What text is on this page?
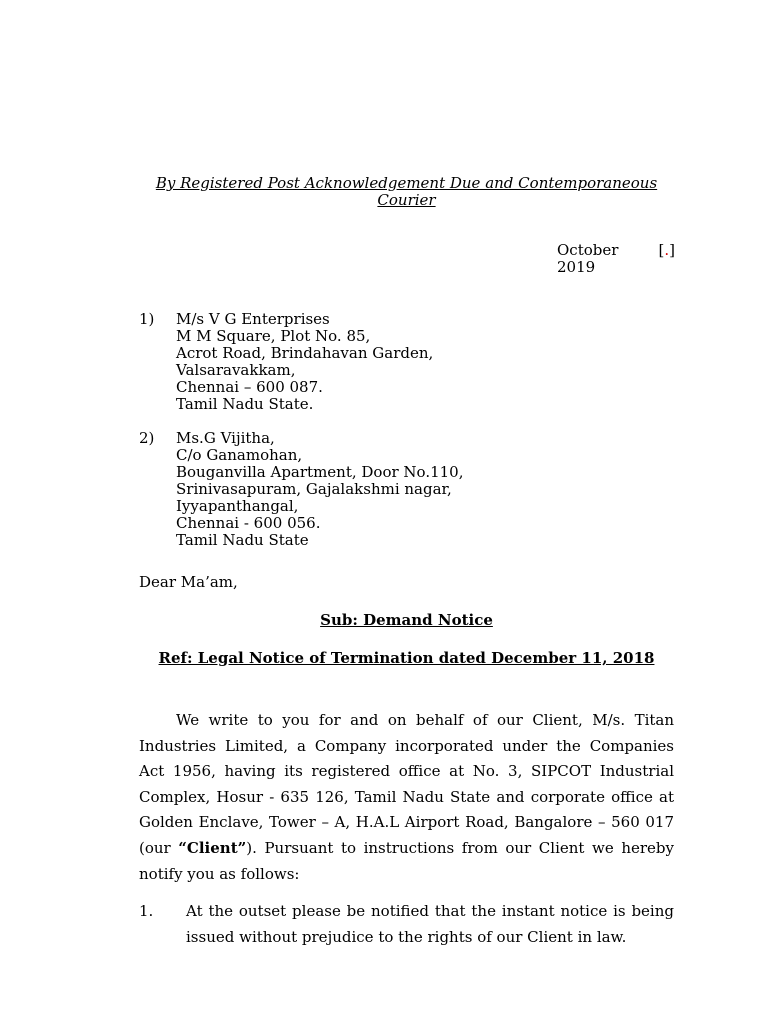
By Registered Post Acknowledgement Due and Contemporaneous Courier
October	[.]
2019
1) M/s V G Enterprises
M M Square, Plot No. 85,
Acrot Road, Brindahavan Garden,
Valsaravakkam,
Chennai – 600 087.
Tamil Nadu State.
2) Ms.G Vijitha,
C/o Ganamohan,
Bouganvilla Apartment, Door No.110,
Srinivasapuram, Gajalakshmi nagar,
Iyyapanthangal,
Chennai - 600 056.
Tamil Nadu State
Dear Ma’am,
Sub: Demand Notice
Ref: Legal Notice of Termination dated December 11, 2018
We write to you for and on behalf of our Client, M/s. Titan Industries Limited, a Company incorporated under the Companies Act 1956, having its registered office at No. 3, SIPCOT Industrial Complex, Hosur - 635 126, Tamil Nadu State and corporate office at Golden Enclave, Tower – A, H.A.L Airport Road, Bangalore – 560 017 (our “Client”). Pursuant to instructions from our Client we hereby notify you as follows:
1. At the outset please be notified that the instant notice is being issued without prejudice to the rights of our Client in law.
